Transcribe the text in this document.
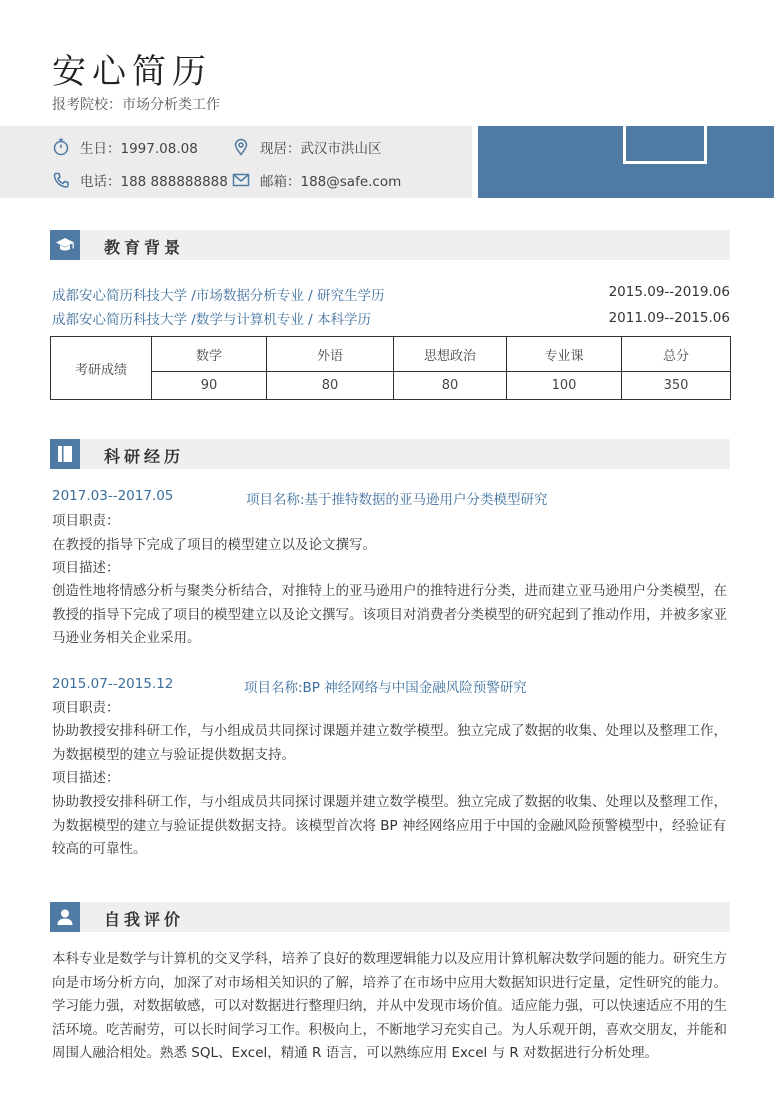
安心简历
报考院校：市场分析类工作
生日：1997.08.08	现居：武汉市洪山区
电话：188 888888888 邮箱：188@safe.com
教育背景
成都安心简历科技大学 /市场数据分析专业 / 研究生学历	2015.09--2019.06
成都安心简历科技大学 /数学与计算机专业 / 本科学历	2011.09--2015.06
考研成绩	数学	外语	思想政治	专业课	总分
	90	80	80	100	350
科研经历
2017.03--2017.05	项目名称:基于推特数据的亚马逊用户分类模型研究
项目职责：
在教授的指导下完成了项目的模型建立以及论文撰写。
项目描述：
创造性地将情感分析与聚类分析结合，对推特上的亚马逊用户的推特进行分类，进而建立亚马逊用户分类模型，在教授的指导下完成了项目的模型建立以及论文撰写。该项目对消费者分类模型的研究起到了推动作用，并被多家亚马逊业务相关企业采用。
2015.07--2015.12	项目名称:BP 神经网络与中国金融风险预警研究
项目职责：
协助教授安排科研工作，与小组成员共同探讨课题并建立数学模型。独立完成了数据的收集、处理以及整理工作，为数据模型的建立与验证提供数据支持。
项目描述：
协助教授安排科研工作，与小组成员共同探讨课题并建立数学模型。独立完成了数据的收集、处理以及整理工作，为数据模型的建立与验证提供数据支持。该模型首次将 BP 神经网络应用于中国的金融风险预警模型中，经验证有较高的可靠性。
自我评价
本科专业是数学与计算机的交叉学科，培养了良好的数理逻辑能力以及应用计算机解决数学问题的能力。研究生方向是市场分析方向，加深了对市场相关知识的了解，培养了在市场中应用大数据知识进行定量，定性研究的能力。学习能力强，对数据敏感，可以对数据进行整理归纳，并从中发现市场价值。适应能力强，可以快速适应不用的生活环境。吃苦耐劳，可以长时间学习工作。积极向上，不断地学习充实自己。为人乐观开朗，喜欢交朋友，并能和周围人融洽相处。熟悉 SQL、Excel，精通 R 语言，可以熟练应用 Excel 与 R 对数据进行分析处理。
